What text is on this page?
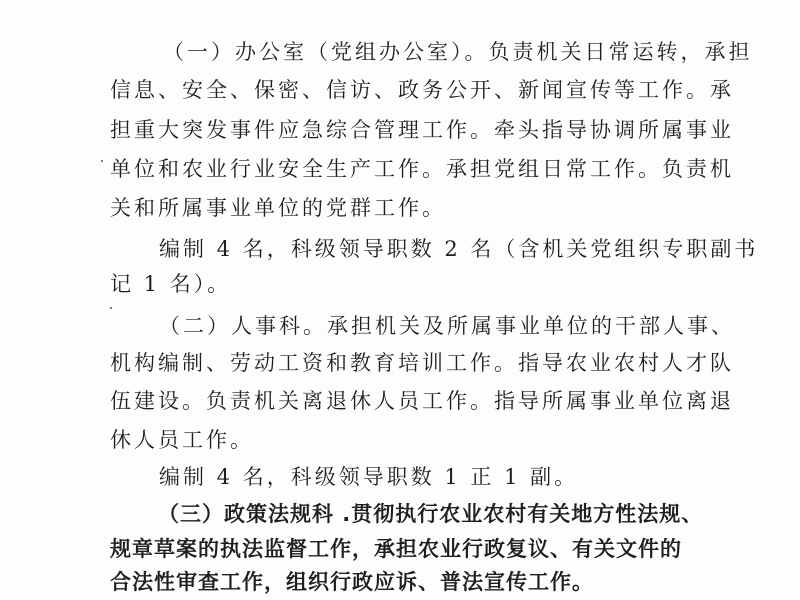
（一）办公室（党组办公室）。负责机关日常运转，承担
信息、安全、保密、信访、政务公开、新闻宣传等工作。承
担重大突发事件应急综合管理工作。牵头指导协调所属事业
单位和农业行业安全生产工作。承担党组日常工作。负责机
关和所属事业单位的党群工作。
编制 4 名，科级领导职数 2 名（含机关党组织专职副书
记 1 名）。
（二）人事科。承担机关及所属事业单位的干部人事、
机构编制、劳动工资和教育培训工作。指导农业农村人才队
伍建设。负责机关离退休人员工作。指导所属事业单位离退
休人员工作。
编制 4 名，科级领导职数 1 正 1 副。
（三）政策法规科 .贯彻执行农业农村有关地方性法规、
规章草案的执法监督工作，承担农业行政复议、有关文件的
合法性审查工作，组织行政应诉、普法宣传工作。
